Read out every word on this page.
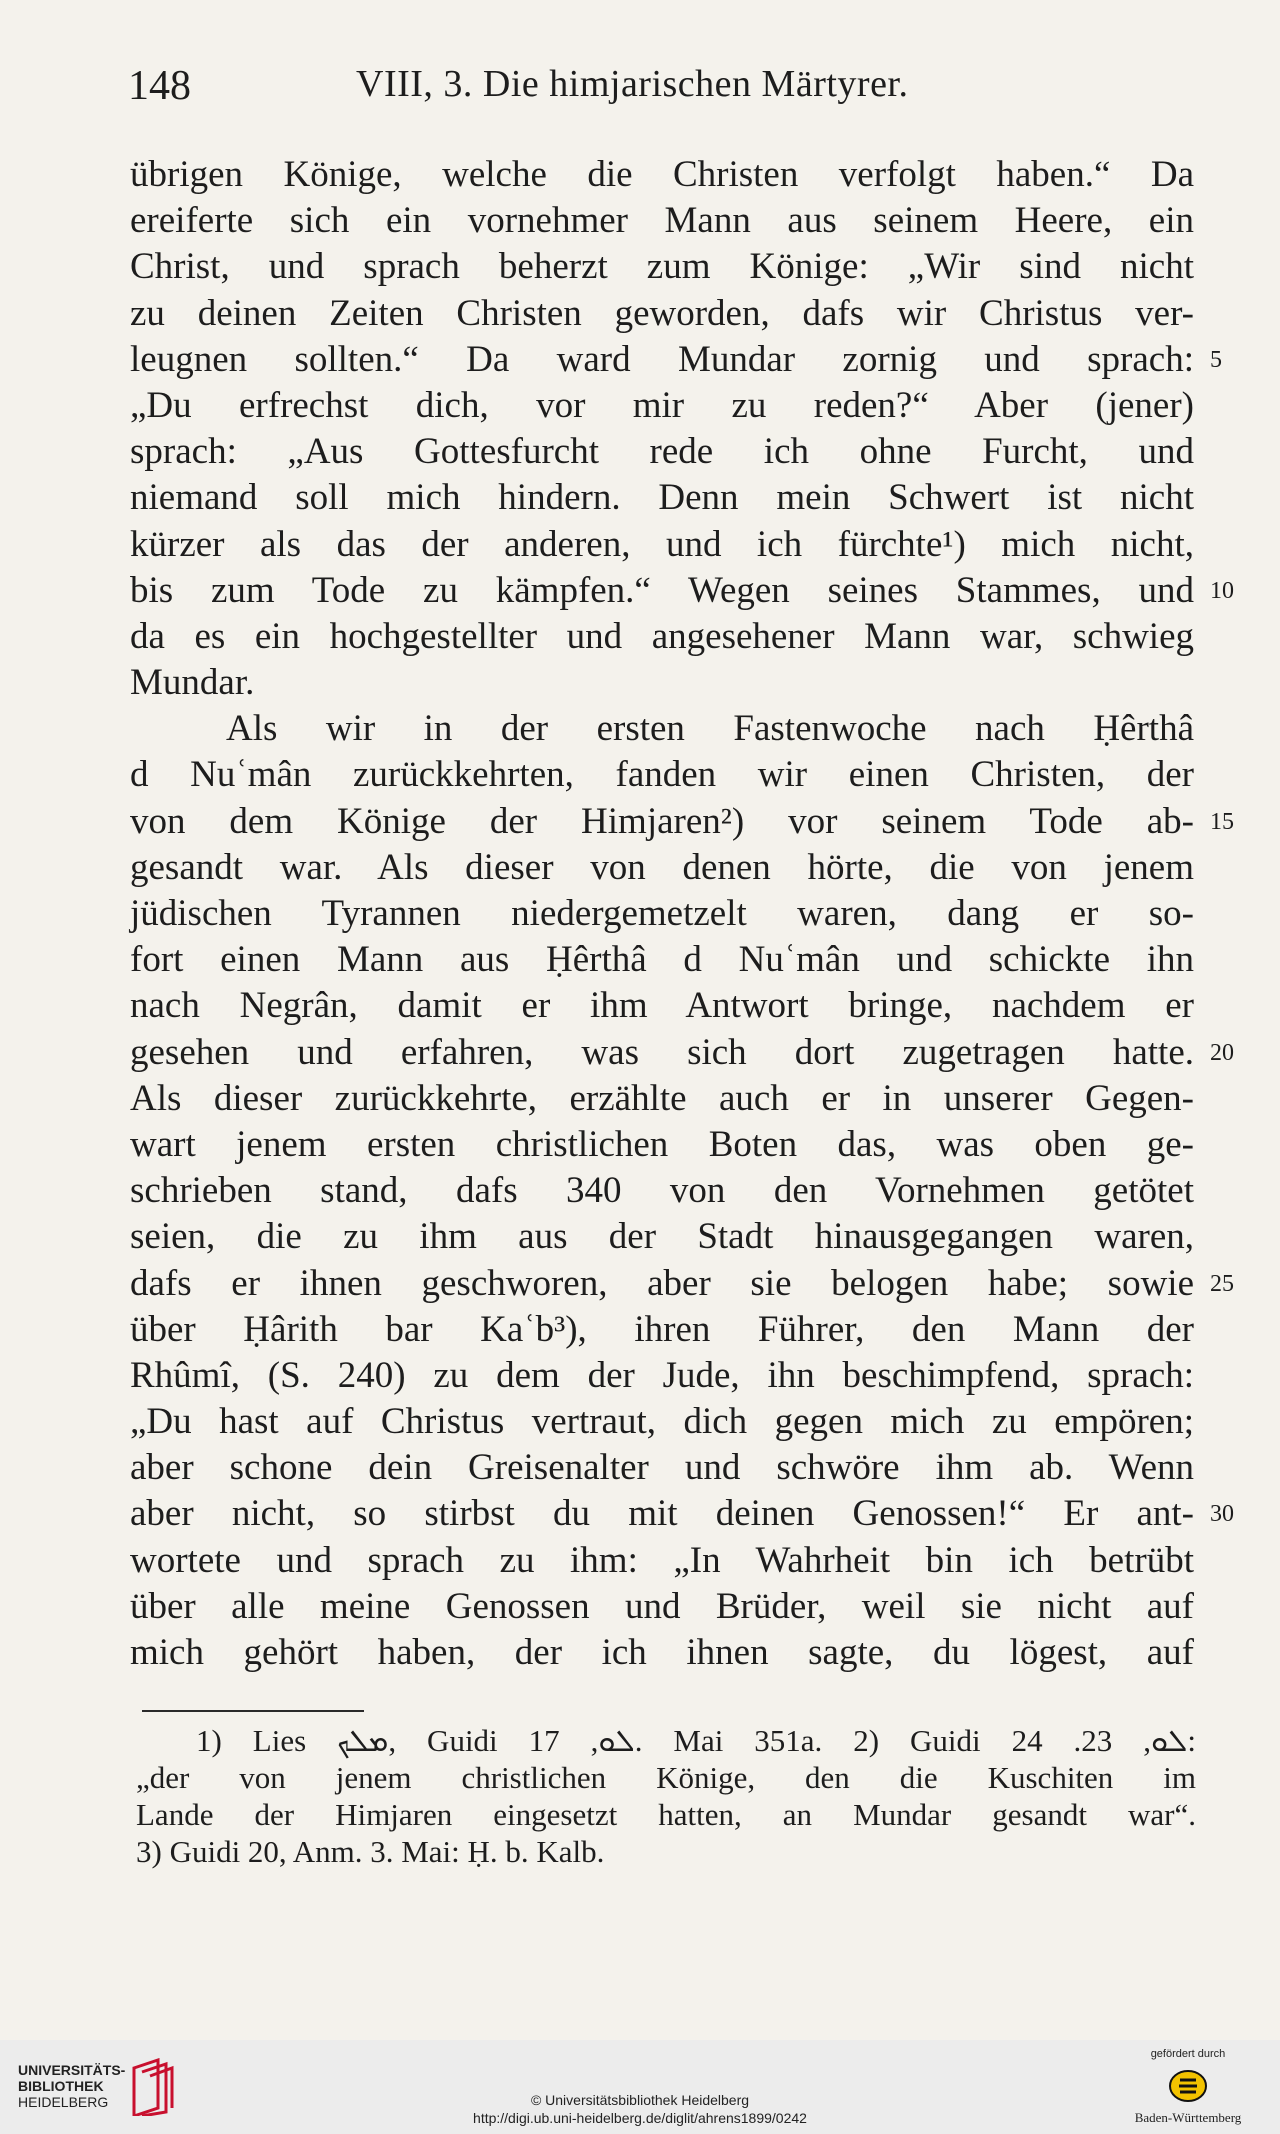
148	VIII, 3. Die himjarischen Märtyrer.
übrigen Könige, welche die Christen verfolgt haben.“ Da
ereiferte sich ein vornehmer Mann aus seinem Heere, ein
Christ, und sprach beherzt zum Könige: „Wir sind nicht
zu deinen Zeiten Christen geworden, dafs wir Christus ver-
leugnen sollten.“ Da ward Mundar zornig und sprach: 5
„Du erfrechst dich, vor mir zu reden?“ Aber (jener)
sprach: „Aus Gottesfurcht rede ich ohne Furcht, und
niemand soll mich hindern. Denn mein Schwert ist nicht
kürzer als das der anderen, und ich fürchte¹) mich nicht,
bis zum Tode zu kämpfen.“ Wegen seines Stammes, und 10
da es ein hochgestellter und angesehener Mann war, schwieg
Mundar.
Als wir in der ersten Fastenwoche nach Ḥêrthâ
d Nuʿmân zurückkehrten, fanden wir einen Christen, der
von dem Könige der Himjaren²) vor seinem Tode ab- 15
gesandt war. Als dieser von denen hörte, die von jenem
jüdischen Tyrannen niedergemetzelt waren, dang er so-
fort einen Mann aus Ḥêrthâ d Nuʿmân und schickte ihn
nach Negrân, damit er ihm Antwort bringe, nachdem er
gesehen und erfahren, was sich dort zugetragen hatte. 20
Als dieser zurückkehrte, erzählte auch er in unserer Gegen-
wart jenem ersten christlichen Boten das, was oben ge-
schrieben stand, dafs 340 von den Vornehmen getötet
seien, die zu ihm aus der Stadt hinausgegangen waren,
dafs er ihnen geschworen, aber sie belogen habe; sowie 25
über Ḥârith bar Kaʿb³), ihren Führer, den Mann der
Rhûmî, (S. 240) zu dem der Jude, ihn beschimpfend, sprach:
„Du hast auf Christus vertraut, dich gegen mich zu empören;
aber schone dein Greisenalter und schwöre ihm ab. Wenn
aber nicht, so stirbst du mit deinen Genossen!“ Er ant- 30
wortete und sprach zu ihm: „In Wahrheit bin ich betrübt
über alle meine Genossen und Brüder, weil sie nicht auf
mich gehört haben, der ich ihnen sagte, du lögest, auf
1) Lies ܡܠܟ, Guidi ܠܘ, 17. Mai 351a. 2) Guidi ܠܘ, 23. 24:
„der von jenem christlichen Könige, den die Kuschiten im
Lande der Himjaren eingesetzt hatten, an Mundar gesandt war“.
3) Guidi 20, Anm. 3. Mai: Ḥ. b. Kalb.
UNIVERSITÄTS-
BIBLIOTHEK
HEIDELBERG	© Universitätsbibliothek Heidelberg
http://digi.ub.uni-heidelberg.de/diglit/ahrens1899/0242
gefördert durch
Baden-Württemberg
